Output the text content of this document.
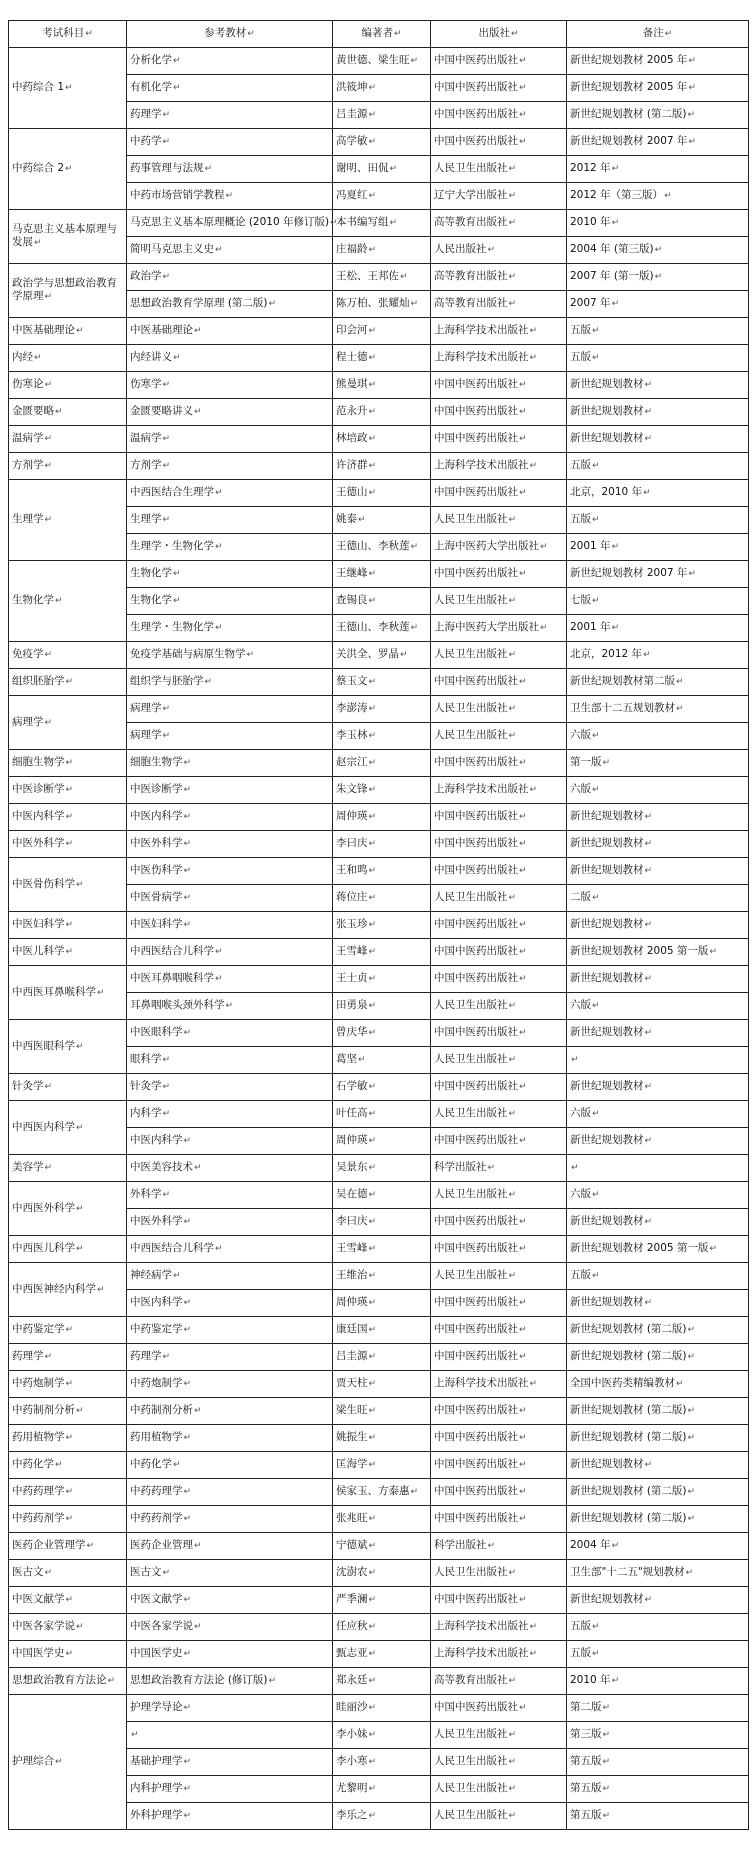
考试科目↵	参考教材↵	编著者↵	出版社↵	备注↵
中药综合 1↵	分析化学↵	黄世德、梁生旺↵	中国中医药出版社↵	新世纪规划教材 2005 年↵
	有机化学↵	洪筱坤↵	中国中医药出版社↵	新世纪规划教材 2005 年↵
	药理学↵	吕圭源↵	中国中医药出版社↵	新世纪规划教材 (第二版)↵
中药综合 2↵	中药学↵	高学敏↵	中国中医药出版社↵	新世纪规划教材 2007 年↵
	药事管理与法规↵	谢明、田侃↵	人民卫生出版社↵	2012 年↵
	中药市场营销学教程↵	冯夏红↵	辽宁大学出版社↵	2012 年（第三版）↵
马克思主义基本原理与发展↵	马克思主义基本原理概论 (2010 年修订版)↵	本书编写组↵	高等教育出版社↵	2010 年↵
	简明马克思主义史↵	庄福龄↵	人民出版社↵	2004 年 (第三版)↵
政治学与思想政治教育学原理↵	政治学↵	王松、王邦佐↵	高等教育出版社↵	2007 年 (第一版)↵
	思想政治教育学原理 (第二版)↵	陈万柏、张耀灿↵	高等教育出版社↵	2007 年↵
中医基础理论↵	中医基础理论↵	印会河↵	上海科学技术出版社↵	五版↵
内经↵	内经讲义↵	程士德↵	上海科学技术出版社↵	五版↵
伤寒论↵	伤寒学↵	熊曼琪↵	中国中医药出版社↵	新世纪规划教材↵
金匮要略↵	金匮要略讲义↵	范永升↵	中国中医药出版社↵	新世纪规划教材↵
温病学↵	温病学↵	林培政↵	中国中医药出版社↵	新世纪规划教材↵
方剂学↵	方剂学↵	许济群↵	上海科学技术出版社↵	五版↵
生理学↵	中西医结合生理学↵	王德山↵	中国中医药出版社↵	北京，2010 年↵
	生理学↵	姚泰↵	人民卫生出版社↵	五版↵
	生理学・生物化学↵	王德山、李秋莲↵	上海中医药大学出版社↵	2001 年↵
生物化学↵	生物化学↵	王继峰↵	中国中医药出版社↵	新世纪规划教材 2007 年↵
	生物化学↵	查锡良↵	人民卫生出版社↵	七版↵
	生理学・生物化学↵	王德山、李秋莲↵	上海中医药大学出版社↵	2001 年↵
免疫学↵	免疫学基础与病原生物学↵	关洪全、罗晶↵	人民卫生出版社↵	北京，2012 年↵
组织胚胎学↵	组织学与胚胎学↵	蔡玉文↵	中国中医药出版社↵	新世纪规划教材第二版↵
病理学↵	病理学↵	李澎涛↵	人民卫生出版社↵	卫生部十二五规划教材↵
	病理学↵	李玉林↵	人民卫生出版社↵	六版↵
细胞生物学↵	细胞生物学↵	赵宗江↵	中国中医药出版社↵	第一版↵
中医诊断学↵	中医诊断学↵	朱文锋↵	上海科学技术出版社↵	六版↵
中医内科学↵	中医内科学↵	周仲瑛↵	中国中医药出版社↵	新世纪规划教材↵
中医外科学↵	中医外科学↵	李曰庆↵	中国中医药出版社↵	新世纪规划教材↵
中医骨伤科学↵	中医伤科学↵	王和鸣↵	中国中医药出版社↵	新世纪规划教材↵
	中医骨病学↵	蒋位庄↵	人民卫生出版社↵	二版↵
中医妇科学↵	中医妇科学↵	张玉珍↵	中国中医药出版社↵	新世纪规划教材↵
中医儿科学↵	中西医结合儿科学↵	王雪峰↵	中国中医药出版社↵	新世纪规划教材 2005 第一版↵
中西医耳鼻喉科学↵	中医耳鼻咽喉科学↵	王士贞↵	中国中医药出版社↵	新世纪规划教材↵
	耳鼻咽喉头颈外科学↵	田勇泉↵	人民卫生出版社↵	六版↵
中西医眼科学↵	中医眼科学↵	曾庆华↵	中国中医药出版社↵	新世纪规划教材↵
	眼科学↵	葛坚↵	人民卫生出版社↵	↵
针灸学↵	针灸学↵	石学敏↵	中国中医药出版社↵	新世纪规划教材↵
中西医内科学↵	内科学↵	叶任高↵	人民卫生出版社↵	六版↵
	中医内科学↵	周仲瑛↵	中国中医药出版社↵	新世纪规划教材↵
美容学↵	中医美容技术↵	吴景东↵	科学出版社↵	↵
中西医外科学↵	外科学↵	吴在德↵	人民卫生出版社↵	六版↵
	中医外科学↵	李曰庆↵	中国中医药出版社↵	新世纪规划教材↵
中西医儿科学↵	中西医结合儿科学↵	王雪峰↵	中国中医药出版社↵	新世纪规划教材 2005 第一版↵
中西医神经内科学↵	神经病学↵	王维治↵	人民卫生出版社↵	五版↵
	中医内科学↵	周仲瑛↵	中国中医药出版社↵	新世纪规划教材↵
中药鉴定学↵	中药鉴定学↵	康廷国↵	中国中医药出版社↵	新世纪规划教材 (第二版)↵
药理学↵	药理学↵	吕圭源↵	中国中医药出版社↵	新世纪规划教材 (第二版)↵
中药炮制学↵	中药炮制学↵	贾天柱↵	上海科学技术出版社↵	全国中医药类精编教材↵
中药制剂分析↵	中药制剂分析↵	梁生旺↵	中国中医药出版社↵	新世纪规划教材 (第二版)↵
药用植物学↵	药用植物学↵	姚振生↵	中国中医药出版社↵	新世纪规划教材 (第二版)↵
中药化学↵	中药化学↵	匡海学↵	中国中医药出版社↵	新世纪规划教材↵
中药药理学↵	中药药理学↵	侯家玉、方泰惠↵	中国中医药出版社↵	新世纪规划教材 (第二版)↵
中药药剂学↵	中药药剂学↵	张兆旺↵	中国中医药出版社↵	新世纪规划教材 (第二版)↵
医药企业管理学↵	医药企业管理↵	宁德斌↵	科学出版社↵	2004 年↵
医古文↵	医古文↵	沈澍农↵	人民卫生出版社↵	卫生部"十二五"规划教材↵
中医文献学↵	中医文献学↵	严季澜↵	中国中医药出版社↵	新世纪规划教材↵
中医各家学说↵	中医各家学说↵	任应秋↵	上海科学技术出版社↵	五版↵
中国医学史↵	中国医学史↵	甄志亚↵	上海科学技术出版社↵	五版↵
思想政治教育方法论↵	思想政治教育方法论 (修订版)↵	郑永廷↵	高等教育出版社↵	2010 年↵
护理综合↵	护理学导论↵	眭丽沙↵	中国中医药出版社↵	第二版↵
	↵	李小妹↵	人民卫生出版社↵	第三版↵
	基础护理学↵	李小寒↵	人民卫生出版社↵	第五版↵
	内科护理学↵	尤黎明↵	人民卫生出版社↵	第五版↵
	外科护理学↵	李乐之↵	人民卫生出版社↵	第五版↵
